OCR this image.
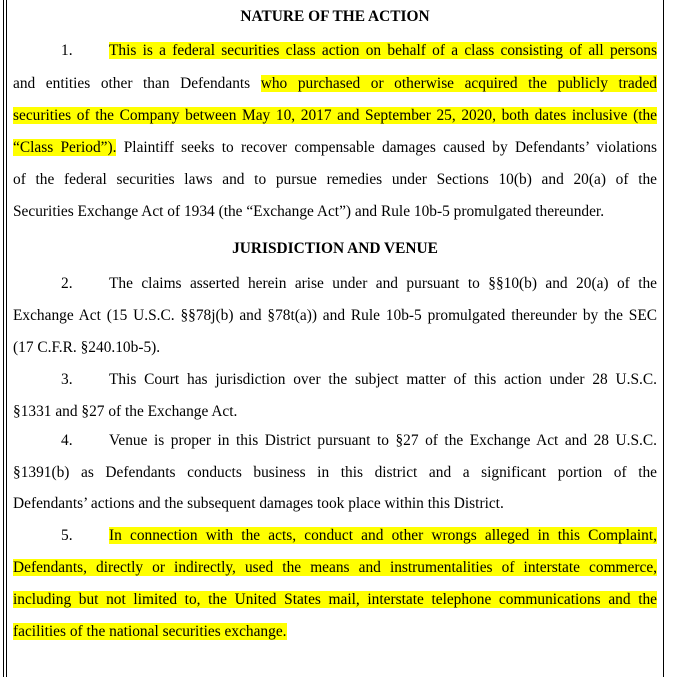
NATURE OF THE ACTION
1.	This is a federal securities class action on behalf of a class consisting of all persons
and entities other than Defendants who purchased or otherwise acquired the publicly traded
securities of the Company between May 10, 2017 and September 25, 2020, both dates inclusive (the
“Class Period”). Plaintiff seeks to recover compensable damages caused by Defendants’ violations
of the federal securities laws and to pursue remedies under Sections 10(b) and 20(a) of the
Securities Exchange Act of 1934 (the “Exchange Act”) and Rule 10b-5 promulgated thereunder.
JURISDICTION AND VENUE
2.	The claims asserted herein arise under and pursuant to §§10(b) and 20(a) of the
Exchange Act (15 U.S.C. §§78j(b) and §78t(a)) and Rule 10b-5 promulgated thereunder by the SEC
(17 C.F.R. §240.10b-5).
3.	This Court has jurisdiction over the subject matter of this action under 28 U.S.C.
§1331 and §27 of the Exchange Act.
4.	Venue is proper in this District pursuant to §27 of the Exchange Act and 28 U.S.C.
§1391(b) as Defendants conducts business in this district and a significant portion of the
Defendants’ actions and the subsequent damages took place within this District.
5.	In connection with the acts, conduct and other wrongs alleged in this Complaint,
Defendants, directly or indirectly, used the means and instrumentalities of interstate commerce,
including but not limited to, the United States mail, interstate telephone communications and the
facilities of the national securities exchange.
